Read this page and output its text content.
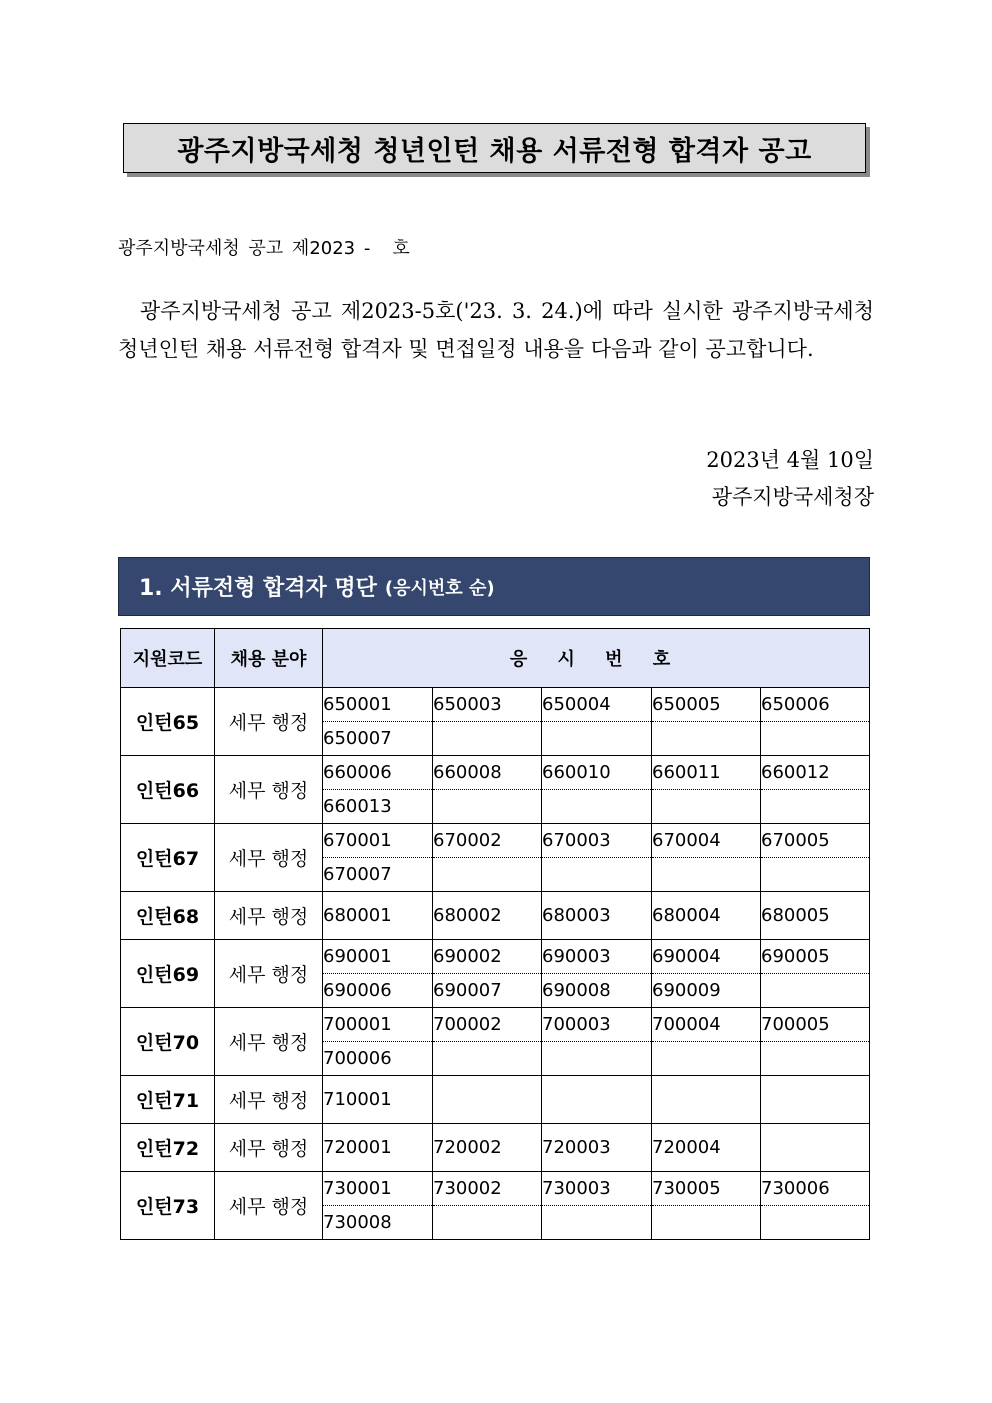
광주지방국세청 청년인턴 채용 서류전형 합격자 공고
광주지방국세청 공고 제2023 - 호
광주지방국세청 공고 제2023-5호('23. 3. 24.)에 따라 실시한 광주지방국세청 청년인턴 채용 서류전형 합격자 및 면접일정 내용을 다음과 같이 공고합니다.
2023년 4월 10일
광주지방국세청장
1. 서류전형 합격자 명단 (응시번호 순)
지원코드	채용 분야	응 시 번 호				
인턴65	세무 행정	650001	650003	650004	650005	650006
		650007				
인턴66	세무 행정	660006	660008	660010	660011	660012
		660013				
인턴67	세무 행정	670001	670002	670003	670004	670005
		670007				
인턴68	세무 행정	680001	680002	680003	680004	680005
인턴69	세무 행정	690001	690002	690003	690004	690005
		690006	690007	690008	690009	
인턴70	세무 행정	700001	700002	700003	700004	700005
		700006				
인턴71	세무 행정	710001				
인턴72	세무 행정	720001	720002	720003	720004	
인턴73	세무 행정	730001	730002	730003	730005	730006
		730008				
